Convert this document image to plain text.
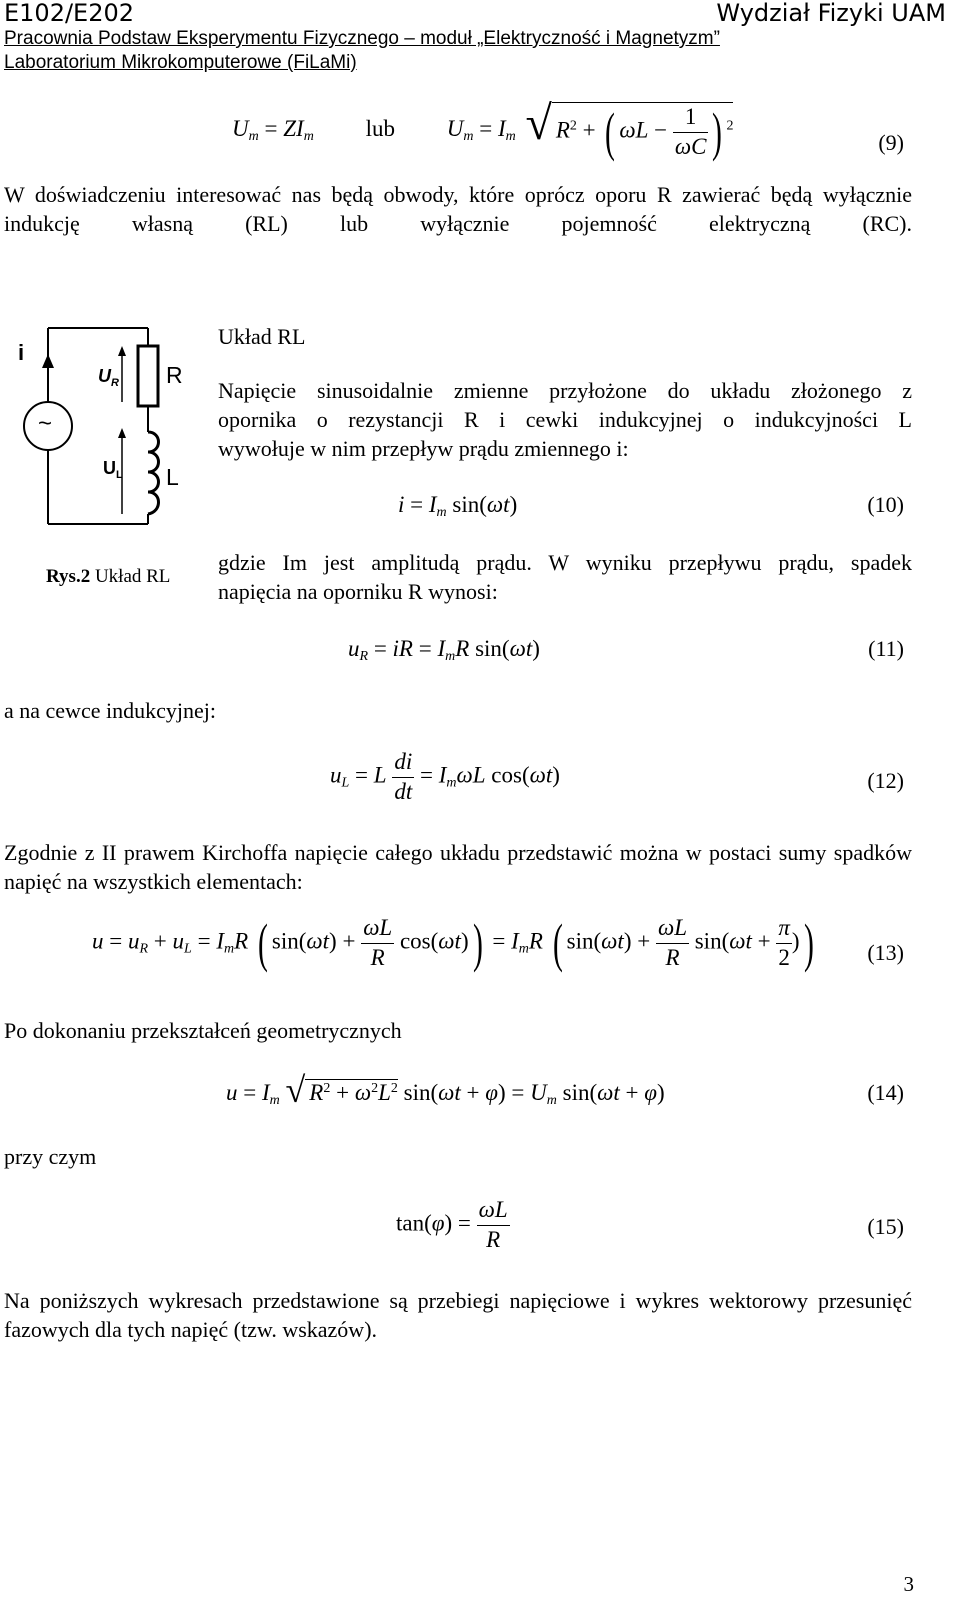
E102/E202	Wydział Fizyki UAM
Pracownia Podstaw Eksperymentu Fizycznego – moduł „Elektryczność i Magnetyzm”
Laboratorium Mikrokomputerowe (FiLaMi)
$U_m = ZI_m$ lub $U_m = I_m$ √ $R^2$ + ( $\omega L - \frac{1}{\omega C}$ ) $^2$
(9)
W doświadczeniu interesować nas będą obwody, które oprócz oporu R zawierać będą wyłącznie indukcję własną (RL) lub wyłącznie pojemność elektryczną (RC).
i
~
$U_R$
$U_L$
R
L
Rys.2 Układ RL
Układ RL
Napięcie sinusoidalnie zmienne przyłożone do układu złożonego z
opornika o rezystancji R i cewki indukcyjnej o indukcyjności L
wywołuje w nim przepływ prądu zmiennego i:
$i = I_m$ sin(ωt)	(10)
gdzie Im jest amplitudą prądu. W wyniku przepływu prądu, spadek
napięcia na oporniku R wynosi:
$u_R$ = iR = $I_mR$ sin(ωt)	(11)
a na cewce indukcyjnej:
$u_L = L \frac{di}{dt} = I_m\omega L$ cos(ωt)	(12)
Zgodnie z II prawem Kirchoffa napięcie całego układu przedstawić można w postaci sumy spadków napięć na wszystkich elementach:
$u = u_R + u_L = I_mR$ ( $\sin(\omega t) + \frac{\omega L}{R} \cos(\omega t)) = I_mR$ ( $\sin(\omega t) + \frac{\omega L}{R} \sin(\omega t + \frac{\pi}{2}$ )) (13)
Po dokonaniu przekształceń geometrycznych
$u = I_m$ √ $R^2 + \omega^2L^2$ $\sin(\omega t + \varphi) = U_m$ sin(ωt + φ)	(14)
przy czym
$\tan(\varphi) = \frac{\omega L}{R}$	(15)
Na poniższych wykresach przedstawione są przebiegi napięciowe i wykres wektorowy przesunięć fazowych dla tych napięć (tzw. wskazów).
3
